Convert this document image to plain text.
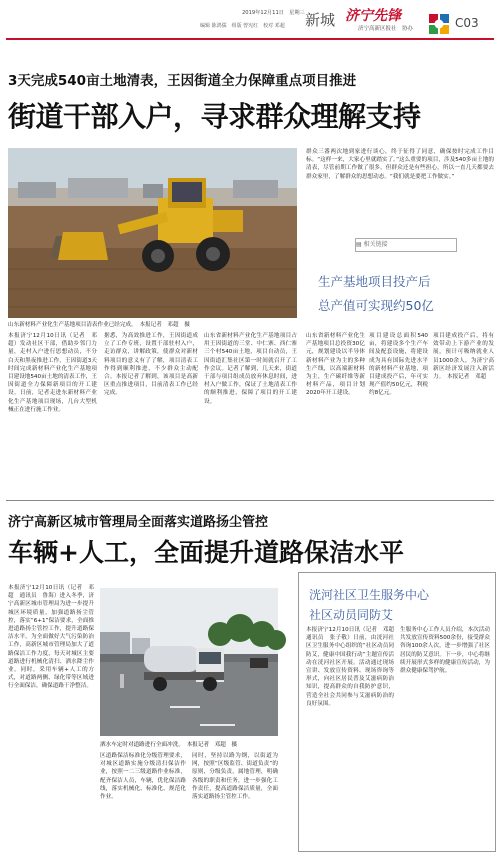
2019年12月11日　星期三
编辑 陈鸿儒　组版 曾宪红　校对 邓超 新城 济宁先锋
济宁高新区报社　协办	C03
3天完成540亩土地清表，王因街道全力保障重点项目推进
街道干部入户，寻求群众理解支持
山东新材料产业化生产基地项目清表作业已经完成。　本报记者　邓超　摄
本报济宁12月10日讯（记者　邓超）发动社区干部，借助乡邻门力量，走村入户进行思想动员，不分白天和黑夜推进工作，王因街道3天时间完成新材料产业化生产基地项目建设地540亩土地的清表工作，王因街道全力保障新项目的开工建设。日前，记者走进东新材料产业化生产基地项目现场，几台大型机械正在进行施工作业。
据悉，为高效推进工作，王因街道成立了工作专班，设置干部驻村入户，走访群众，讲解政策，使群众对新材料项目的意义有了了解，项目清表工作得到顺利推进，不少群众主动配合。本报记者了解到，该项目是高新区重点推进项目，目前清表工作已经完成。
山东省新材料产业化生产基地项目占用王因街道的三堂、中仁寨、西仁寨三个村540亩土地，项目自动员，王因街道汇集社区第一时间就召开了工作会议。记者了解到，几天来，街道干部与项目组成员放弃休息时间，进村入户做工作，保证了土地清表工作的顺利推进，保障了项目的开工建设。
群众三番两次地到家进行谈心，终于征得了同意，确保按时完成工作目标。“这样一来，大家心里就踏实了。”这么重要的项目，涉及540多亩土地的清表，尽管前期工作做了很多，但群众还是有些担心，所以一直几天都要去群众家里，了解群众的思想动态。“我们就是要把工作做实。”
▤ 相关链接
生产基地项目投产后
总产值可实现约50亿
山东省新材料产业化生产基地项目总投资30亿元，规划建设以半导体新材料产业为主的多种生产线，以高端新材料为主，生产碳纤维等新材料产品，项目计划2020年开工建设。
项目建设总面积540亩，将建设多个生产车间及配套设施，将建设成为具有国际先进水平的新材料产业基地，项目建成投产后，年可实现产值约50亿元，利税约8亿元。
项目建成投产后，将有效带动上下游产业的发展，预计可吸纳就业人员1000余人，为济宁高新区经济发展注入新活力。　本报记者　邓超
济宁高新区城市管理局全面落实道路扬尘管控
车辆+人工，全面提升道路保洁水平
本报济宁12月10日讯（记者　邓超　通讯员　鲁海）进入冬季，济宁高新区城市管理局为进一步提升城区环境质量，加强道路扬尘管控，落实“6+1”保洁要求，全面推进道路扬尘管控工作，提升道路保洁水平。为全面做好大气污染防治工作，高新区城市管理局加大了道路保洁工作力度，每天对城区主要道路进行机械化清扫、洒水降尘作业。同时，采用车辆+人工的方式，对道路两侧、绿化带等区域进行全面保洁，确保道路干净整洁。
洒水车定时对道路进行全面冲洗。　本报记者　邓超　摄
区道路保洁标准化分级管理要求，对城区道路实施分级清扫保洁作业，按照一二三级道路作业标准，配齐保洁人员，车辆，优化保洁路线，落实机械化、标准化、规范化作业。
同时，坚持以路为纲，以街道为网，按照“区级监管、街道负责”的原则，分级负责，属地管理，明确各级的职责和任务，进一步强化工作责任，提高道路保洁质量，全面落实道路扬尘管控工作。
洸河社区卫生服务中心
社区动员同防艾
本报济宁12月10日讯（记者　邓超　通讯员　张子敬）日前，由洸河社区卫生服务中心组织的“社区动员同防艾，健康中国我行动”主题宣传活动在洸河社区开展。活动通过现场宣讲、发放宣传资料、现场咨询等形式，向社区居民普及艾滋病防治知识，提高群众的自我防护意识，营造全社会共同参与艾滋病防治的良好氛围。
生服务中心工作人员介绍，本次活动共发放宣传资料500余份，接受群众咨询100余人次，进一步增强了社区居民的防艾意识。下一步，中心将继续开展形式多样的健康宣传活动，为群众健康保驾护航。
